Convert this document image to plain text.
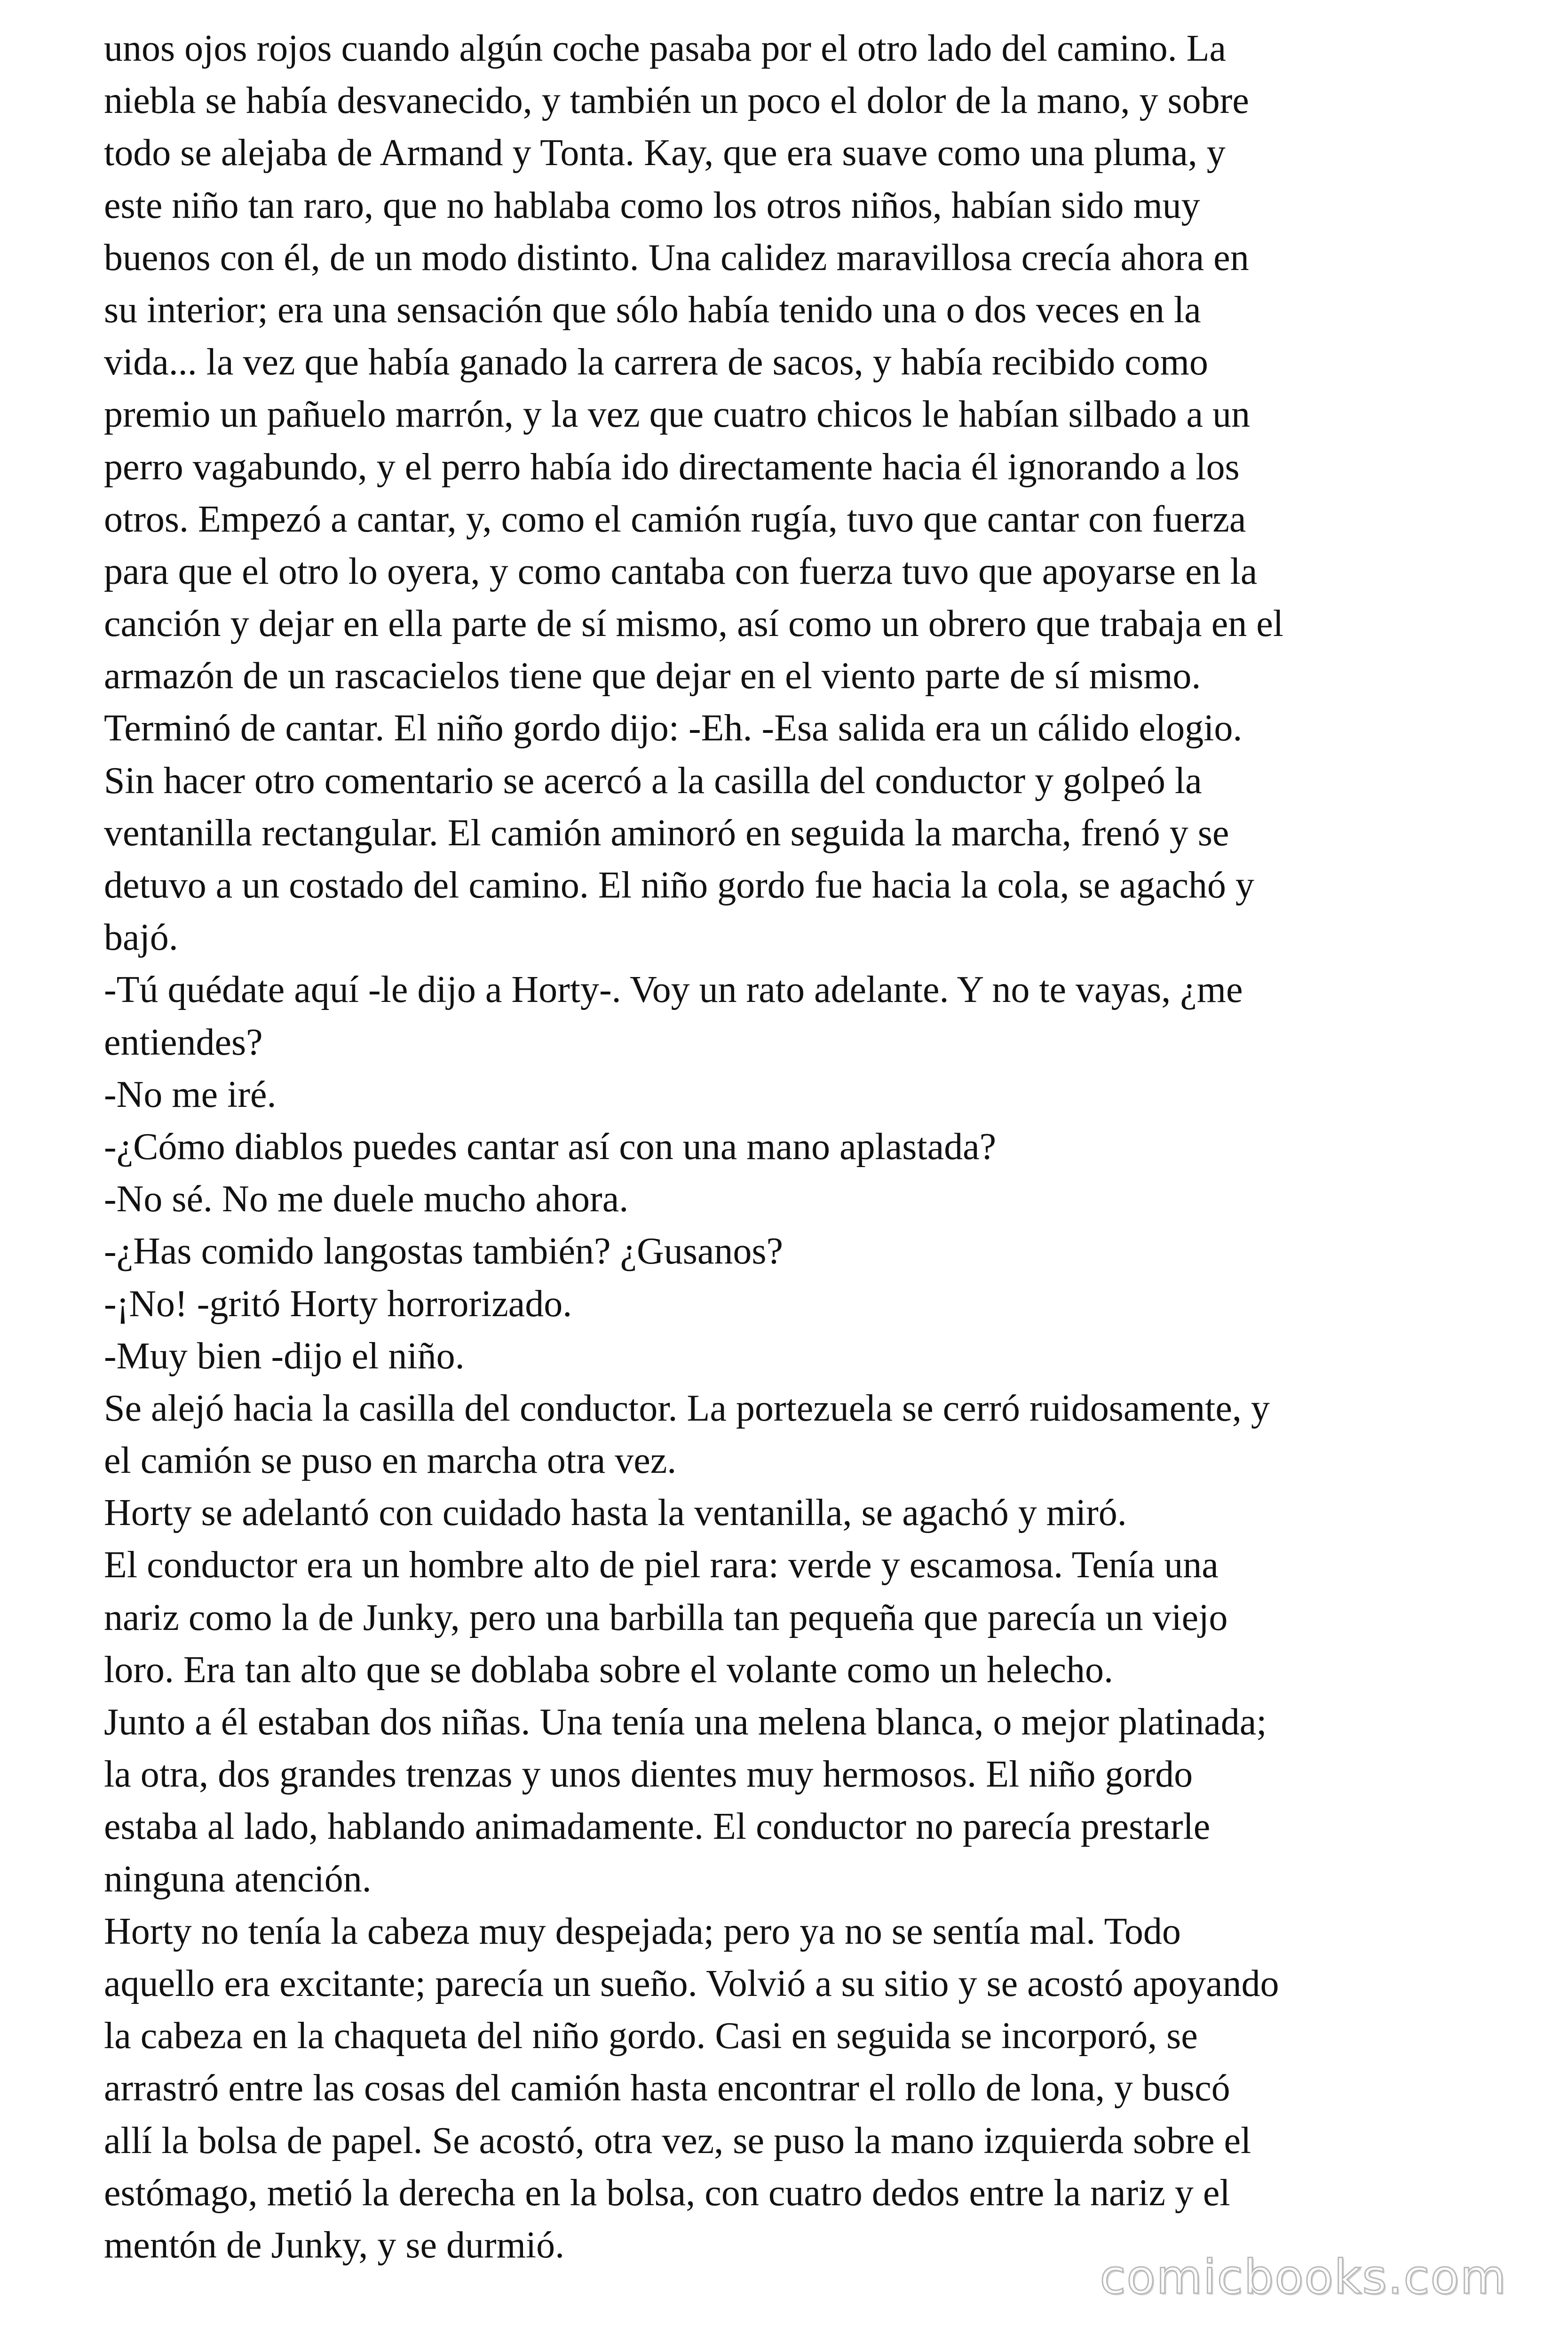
unos ojos rojos cuando algún coche pasaba por el otro lado del camino. La
niebla se había desvanecido, y también un poco el dolor de la mano, y sobre
todo se alejaba de Armand y Tonta. Kay, que era suave como una pluma, y
este niño tan raro, que no hablaba como los otros niños, habían sido muy
buenos con él, de un modo distinto. Una calidez maravillosa crecía ahora en
su interior; era una sensación que sólo había tenido una o dos veces en la
vida... la vez que había ganado la carrera de sacos, y había recibido como
premio un pañuelo marrón, y la vez que cuatro chicos le habían silbado a un
perro vagabundo, y el perro había ido directamente hacia él ignorando a los
otros. Empezó a cantar, y, como el camión rugía, tuvo que cantar con fuerza
para que el otro lo oyera, y como cantaba con fuerza tuvo que apoyarse en la
canción y dejar en ella parte de sí mismo, así como un obrero que trabaja en el
armazón de un rascacielos tiene que dejar en el viento parte de sí mismo.
Terminó de cantar. El niño gordo dijo: -Eh. -Esa salida era un cálido elogio.
Sin hacer otro comentario se acercó a la casilla del conductor y golpeó la
ventanilla rectangular. El camión aminoró en seguida la marcha, frenó y se
detuvo a un costado del camino. El niño gordo fue hacia la cola, se agachó y
bajó.
-Tú quédate aquí -le dijo a Horty-. Voy un rato adelante. Y no te vayas, ¿me
entiendes?
-No me iré.
-¿Cómo diablos puedes cantar así con una mano aplastada?
-No sé. No me duele mucho ahora.
-¿Has comido langostas también? ¿Gusanos?
-¡No! -gritó Horty horrorizado.
-Muy bien -dijo el niño.
Se alejó hacia la casilla del conductor. La portezuela se cerró ruidosamente, y
el camión se puso en marcha otra vez.
Horty se adelantó con cuidado hasta la ventanilla, se agachó y miró.
El conductor era un hombre alto de piel rara: verde y escamosa. Tenía una
nariz como la de Junky, pero una barbilla tan pequeña que parecía un viejo
loro. Era tan alto que se doblaba sobre el volante como un helecho.
Junto a él estaban dos niñas. Una tenía una melena blanca, o mejor platinada;
la otra, dos grandes trenzas y unos dientes muy hermosos. El niño gordo
estaba al lado, hablando animadamente. El conductor no parecía prestarle
ninguna atención.
Horty no tenía la cabeza muy despejada; pero ya no se sentía mal. Todo
aquello era excitante; parecía un sueño. Volvió a su sitio y se acostó apoyando
la cabeza en la chaqueta del niño gordo. Casi en seguida se incorporó, se
arrastró entre las cosas del camión hasta encontrar el rollo de lona, y buscó
allí la bolsa de papel. Se acostó, otra vez, se puso la mano izquierda sobre el
estómago, metió la derecha en la bolsa, con cuatro dedos entre la nariz y el
mentón de Junky, y se durmió.
comicbooks.com
